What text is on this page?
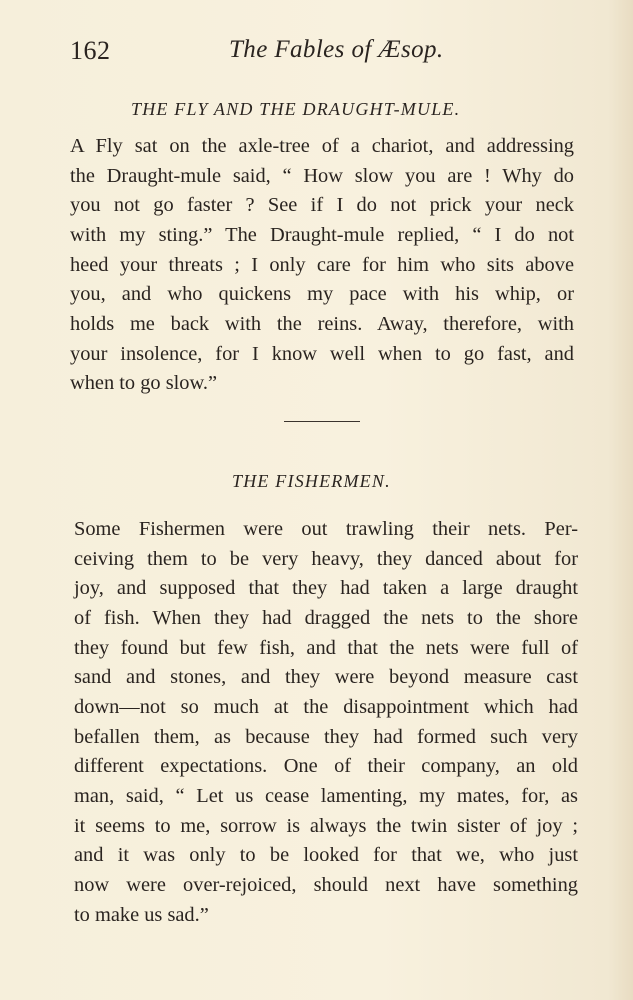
162	The Fables of Æsop.
THE FLY AND THE DRAUGHT-MULE.
A Fly sat on the axle-tree of a chariot, and addressing
the Draught-mule said, “ How slow you are ! Why do
you not go faster ? See if I do not prick your neck
with my sting.” The Draught-mule replied, “ I do not
heed your threats ; I only care for him who sits above
you, and who quickens my pace with his whip, or
holds me back with the reins. Away, therefore, with
your insolence, for I know well when to go fast, and
when to go slow.”
THE FISHERMEN.
Some Fishermen were out trawling their nets. Per-
ceiving them to be very heavy, they danced about for
joy, and supposed that they had taken a large draught
of fish. When they had dragged the nets to the shore
they found but few fish, and that the nets were full of
sand and stones, and they were beyond measure cast
down—not so much at the disappointment which had
befallen them, as because they had formed such very
different expectations. One of their company, an old
man, said, “ Let us cease lamenting, my mates, for, as
it seems to me, sorrow is always the twin sister of joy ;
and it was only to be looked for that we, who just
now were over-rejoiced, should next have something
to make us sad.”
